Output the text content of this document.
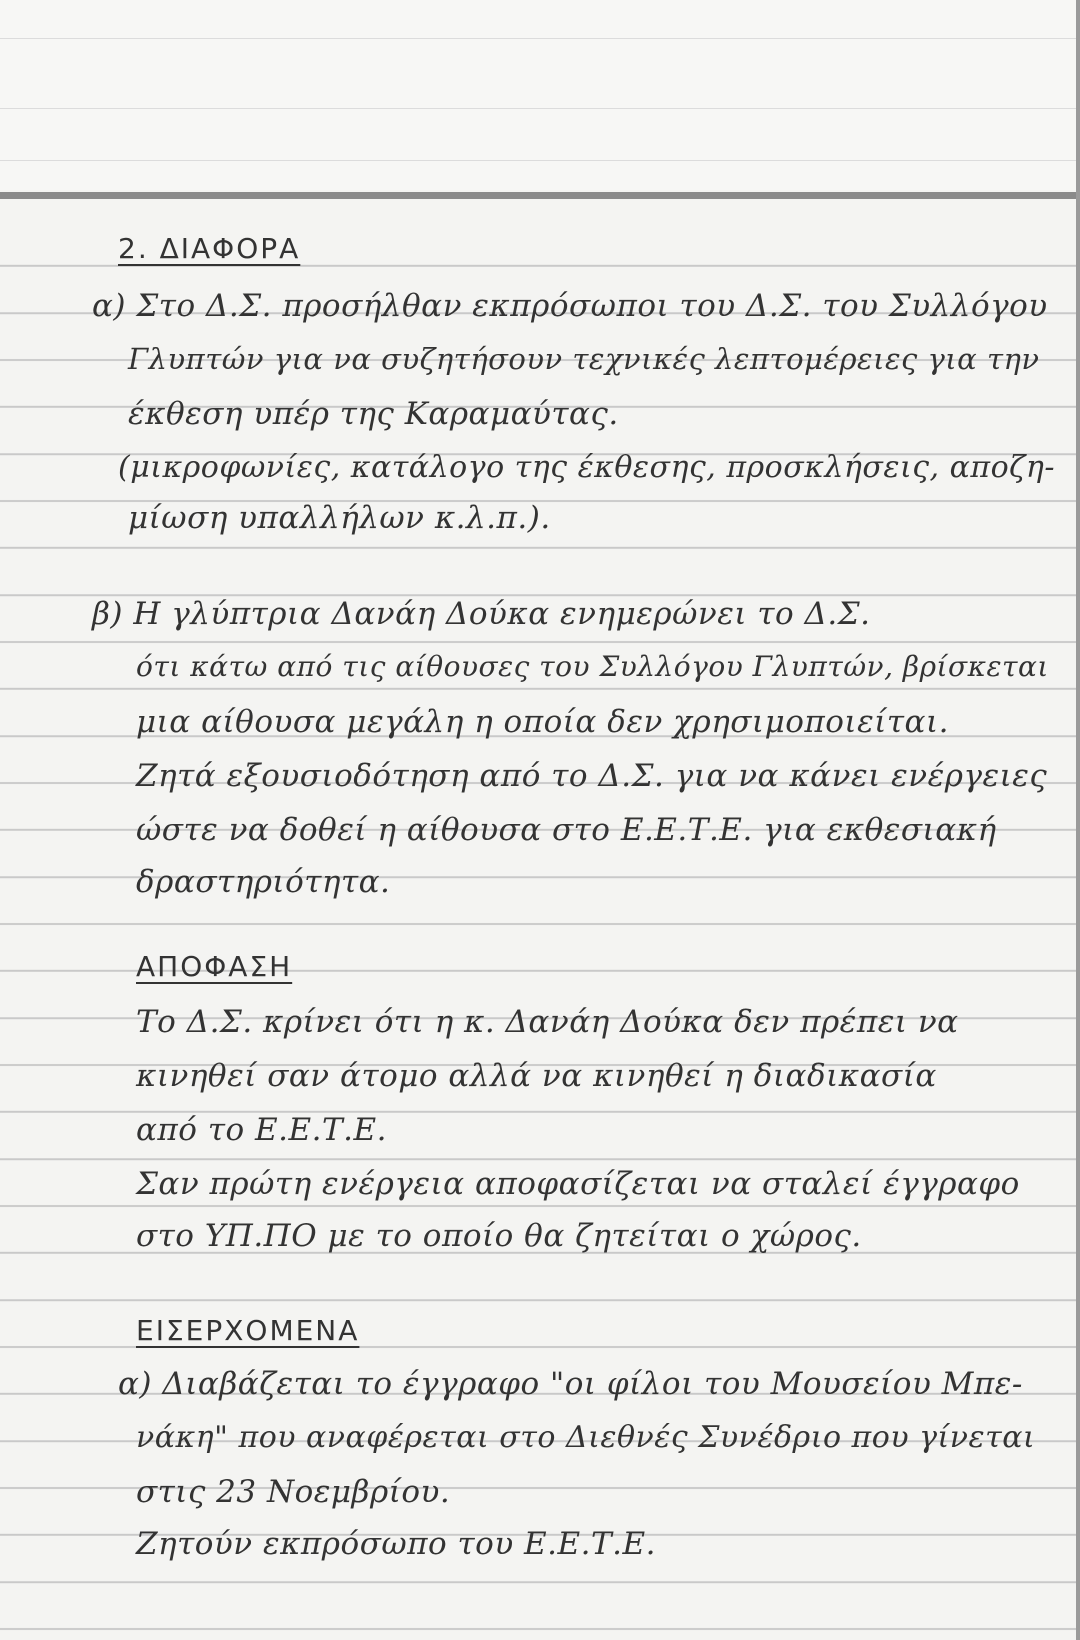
2. ΔΙΑΦΟΡΑ
α) Στο Δ.Σ. προσήλθαν εκπρόσωποι του Δ.Σ. του Συλλόγου
Γλυπτών για να συζητήσουν τεχνικές λεπτομέρειες για την
έκθεση υπέρ της Καραμαύτας.
(μικροφωνίες, κατάλογο της έκθεσης, προσκλήσεις, αποζη-
μίωση υπαλλήλων κ.λ.π.).
β) Η γλύπτρια Δανάη Δούκα ενημερώνει το Δ.Σ.
ότι κάτω από τις αίθουσες του Συλλόγου Γλυπτών, βρίσκεται
μια αίθουσα μεγάλη η οποία δεν χρησιμοποιείται.
Ζητά εξουσιοδότηση από το Δ.Σ. για να κάνει ενέργειες
ώστε να δοθεί η αίθουσα στο Ε.Ε.Τ.Ε. για εκθεσιακή
δραστηριότητα.
ΑΠΟΦΑΣΗ
Το Δ.Σ. κρίνει ότι η κ. Δανάη Δούκα δεν πρέπει να
κινηθεί σαν άτομο αλλά να κινηθεί η διαδικασία
από το Ε.Ε.Τ.Ε.
Σαν πρώτη ενέργεια αποφασίζεται να σταλεί έγγραφο
στο ΥΠ.ΠΟ με το οποίο θα ζητείται ο χώρος.
ΕΙΣΕΡΧΟΜΕΝΑ
α) Διαβάζεται το έγγραφο "οι φίλοι του Μουσείου Μπε-
νάκη" που αναφέρεται στο Διεθνές Συνέδριο που γίνεται
στις 23 Νοεμβρίου.
Ζητούν εκπρόσωπο του Ε.Ε.Τ.Ε.
